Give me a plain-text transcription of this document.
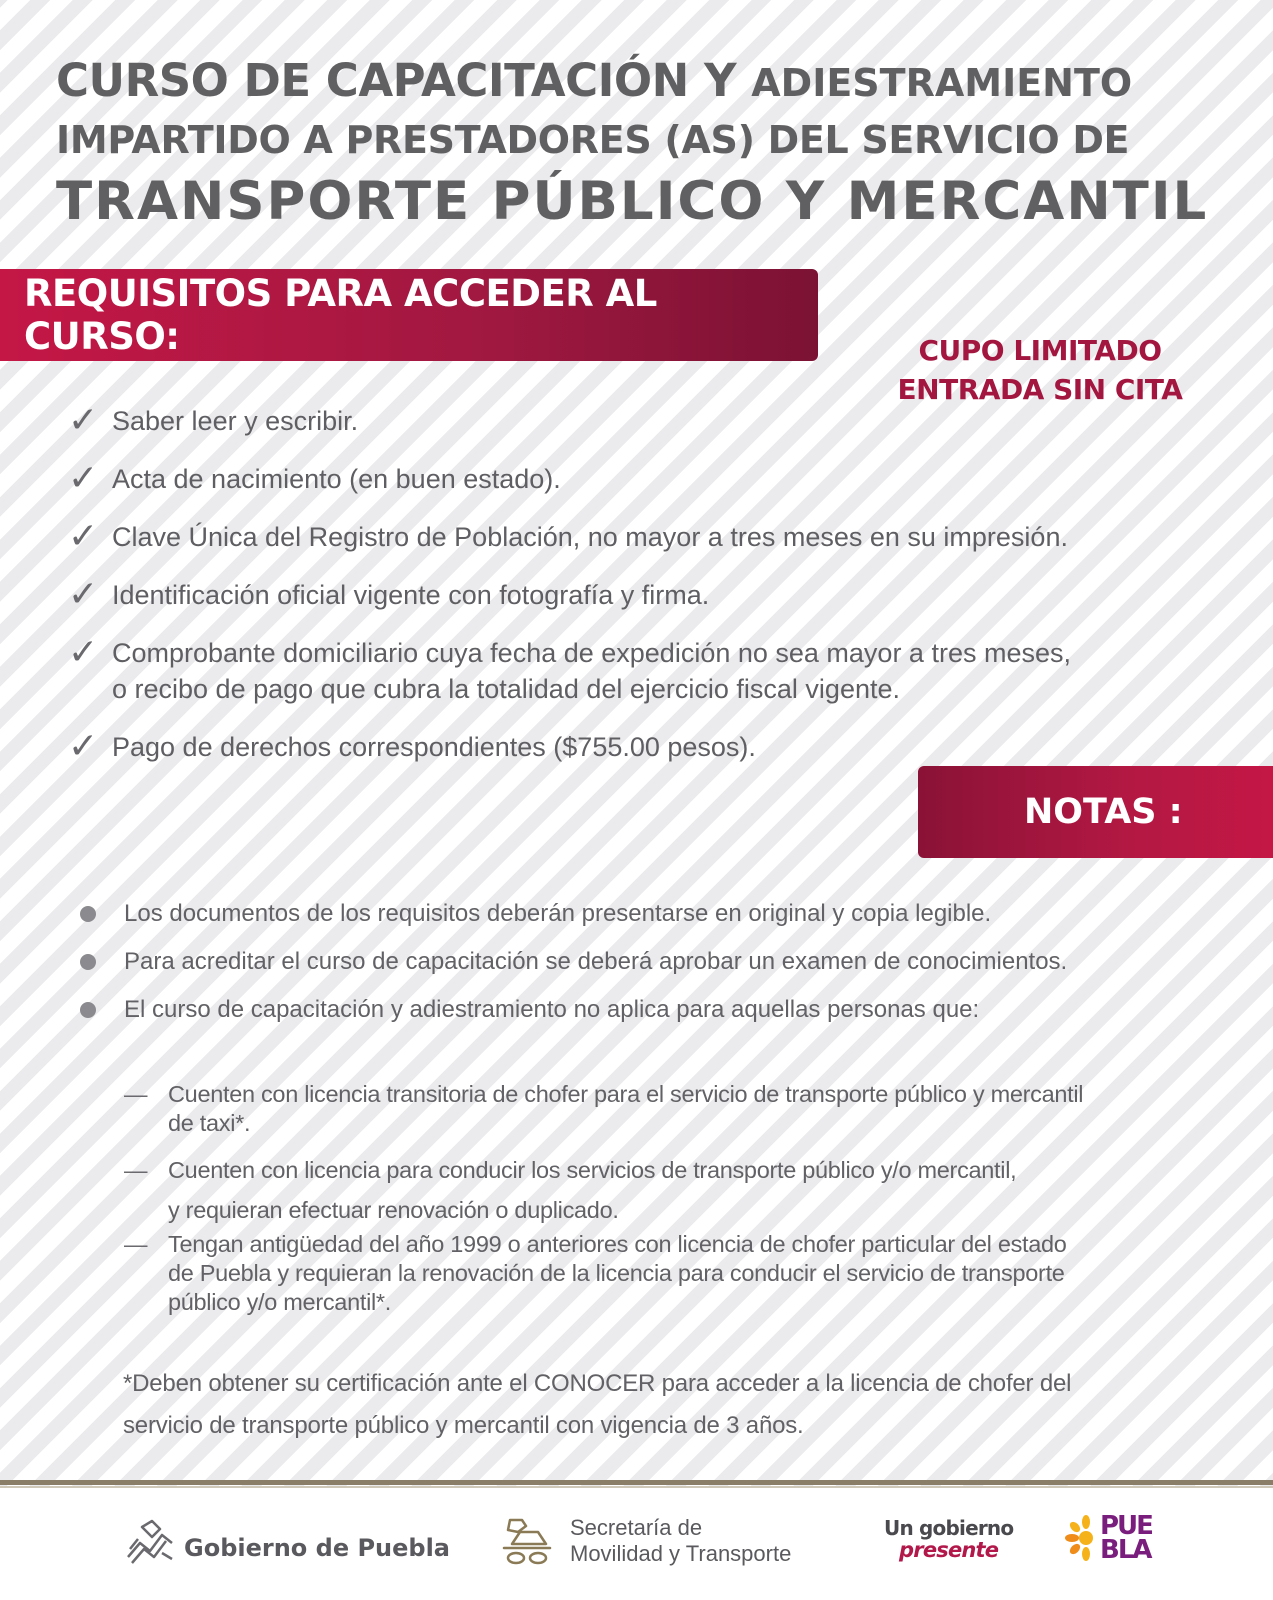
CURSO DE CAPACITACIÓN Y ADIESTRAMIENTO
IMPARTIDO A PRESTADORES (AS) DEL SERVICIO DE
TRANSPORTE PÚBLICO Y MERCANTIL
REQUISITOS PARA ACCEDER AL CURSO:	CUPO LIMITADO
ENTRADA SIN CITA
✓ Saber leer y escribir.
✓ Acta de nacimiento (en buen estado).
✓ Clave Única del Registro de Población, no mayor a tres meses en su impresión.
✓ Identificación oficial vigente con fotografía y firma.
✓ Comprobante domiciliario cuya fecha de expedición no sea mayor a tres meses,
o recibo de pago que cubra la totalidad del ejercicio fiscal vigente.
✓ Pago de derechos correspondientes ($755.00 pesos).
NOTAS :
Los documentos de los requisitos deberán presentarse en original y copia legible.
Para acreditar el curso de capacitación se deberá aprobar un examen de conocimientos.
El curso de capacitación y adiestramiento no aplica para aquellas personas que:
— Cuenten con licencia transitoria de chofer para el servicio de transporte público y mercantil
de taxi*.
— Cuenten con licencia para conducir los servicios de transporte público y/o mercantil,
y requieran efectuar renovación o duplicado.
— Tengan antigüedad del año 1999 o anteriores con licencia de chofer particular del estado
de Puebla y requieran la renovación de la licencia para conducir el servicio de transporte
público y/o mercantil*.
*Deben obtener su certificación ante el CONOCER para acceder a la licencia de chofer del
servicio de transporte público y mercantil con vigencia de 3 años.
Gobierno de Puebla
Secretaría de
Movilidad y Transporte
Un gobierno
presente
PUE
BLA
